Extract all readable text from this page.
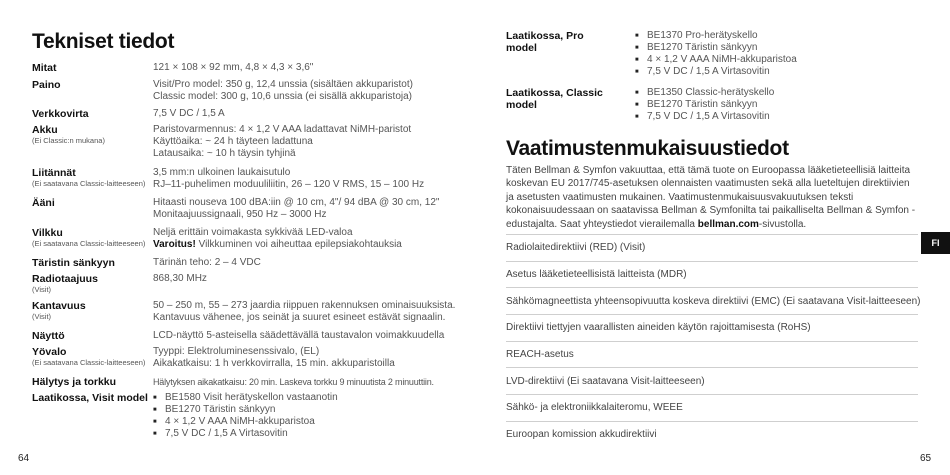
Tekniset tiedot
Mitat	121 × 108 × 92 mm, 4,8 × 4,3 × 3,6"
Paino	Visit/Pro model: 350 g, 12,4 unssia (sisältäen akkuparistot)
Classic model: 300 g, 10,6 unssia (ei sisällä akkuparistoja)
Verkkovirta	7,5 V DC / 1,5 A
Akku
(Ei Classic:n mukana)
Paristovarmennus: 4 × 1,2 V AAA ladattavat NiMH-paristot
Käyttöaika: ~ 24 h täyteen ladattuna
Latausaika: ~ 10 h täysin tyhjinä
Liitännät
(Ei saatavana Classic-laitteeseen)
3,5 mm:n ulkoinen laukaisutulo
RJ–11-puhelimen moduuliliitin, 26 – 120 V RMS, 15 – 100 Hz
Ääni	Hitaasti nouseva 100 dBA:iin @ 10 cm, 4"/ 94 dBA @ 30 cm, 12"
Monitaajuussignaali, 950 Hz – 3000 Hz
Vilkku
(Ei saatavana Classic-laitteeseen)
Neljä erittäin voimakasta sykkivää LED-valoa
Varoitus! Vilkkuminen voi aiheuttaa epilepsiakohtauksia
Täristin sänkyyn	Tärinän teho: 2 – 4 VDC
Radiotaajuus
(Visit)
868,30 MHz
Kantavuus
(Visit)
50 – 250 m, 55 – 273 jaardia riippuen rakennuksen ominaisuuksista.
Kantavuus vähenee, jos seinät ja suuret esineet estävät signaalin.
Näyttö	LCD-näyttö 5-asteisella säädettävällä taustavalon voimakkuudella
Yövalo
(Ei saatavana Classic-laitteeseen)
Tyyppi: Elektroluminesenssivalo, (EL)
Aikakatkaisu: 1 h verkkovirralla, 15 min. akkuparistoilla
Hälytys ja torkku	Hälytyksen aikakatkaisu: 20 min. Laskeva torkku 9 minuutista 2 minuuttiin.
Laatikossa, Visit model
■	BE1580 Visit herätyskellon vastaanotin
■ BE1270 Täristin sänkyyn
■ 4 × 1,2 V AAA NiMH-akkuparistoa
■ 7,5 V DC / 1,5 A Virtasovitin
64
Laatikossa, Pro model
■ BE1370 Pro-herätyskello
■ BE1270 Täristin sänkyyn
■ 4 × 1,2 V AAA NiMH-akkuparistoa
■ 7,5 V DC / 1,5 A Virtasovitin
Laatikossa, Classic model
■ BE1350 Classic-herätyskello
■ BE1270 Täristin sänkyyn
■ 7,5 V DC / 1,5 A Virtasovitin
Vaatimustenmukaisuustiedot
Täten Bellman & Symfon vakuuttaa, että tämä tuote on Euroopassa lääketieteellisiä laitteita koskevan EU 2017/745-asetuksen olennaisten vaatimusten sekä alla lueteltujen direktiivien ja asetusten vaatimusten mukainen. Vaatimustenmukaisuusvakuutuksen teksti kokonaisuudessaan on saatavissa Bellman & Symfonilta tai paikalliselta Bellman & Symfon -edustajalta. Saat yhteystiedot vierailemalla bellman.com-sivustolla.
Radiolaitedirektiivi (RED) (Visit)
Asetus lääketieteellisistä laitteista (MDR)
Sähkömagneettista yhteensopivuutta koskeva direktiivi (EMC) (Ei saatavana Visit-laitteeseen)
Direktiivi tiettyjen vaarallisten aineiden käytön rajoittamisesta (RoHS)
REACH-asetus
LVD-direktiivi (Ei saatavana Visit-laitteeseen)
Sähkö- ja elektroniikkalaiteromu, WEEE
Euroopan komission akkudirektiivi
FI
65
